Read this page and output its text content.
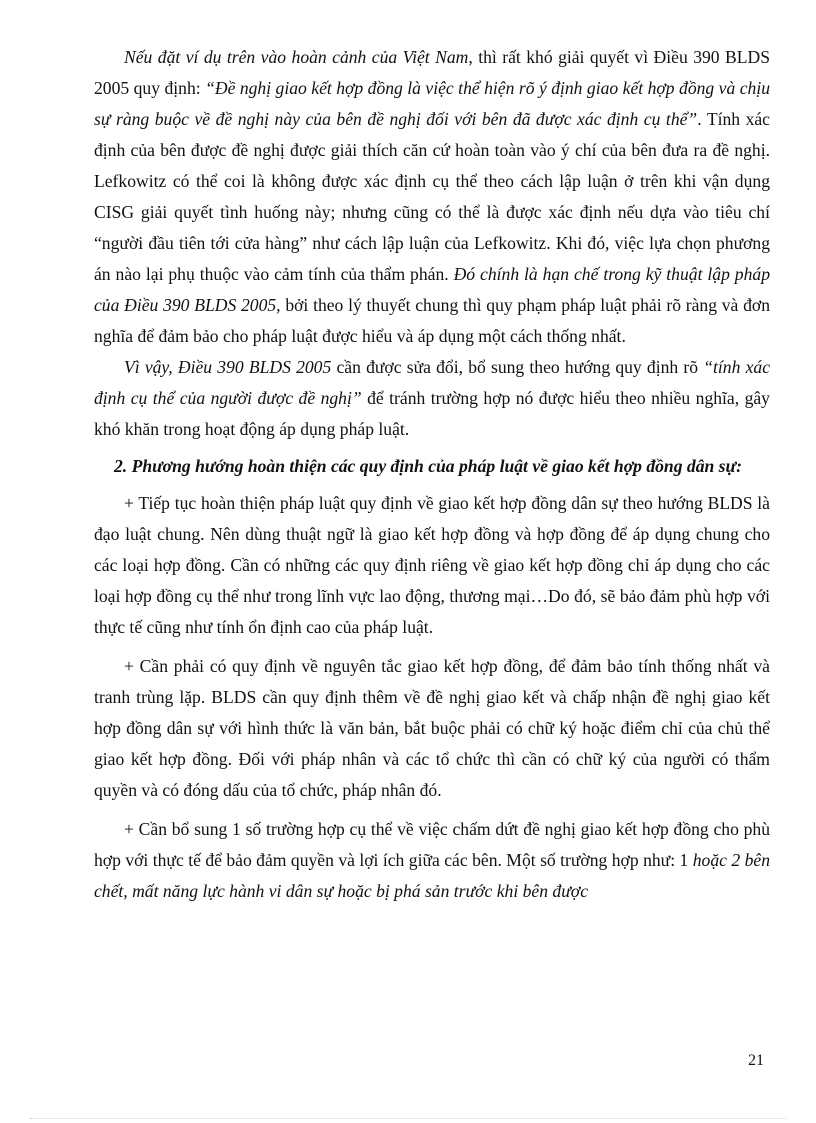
Nếu đặt ví dụ trên vào hoàn cảnh của Việt Nam, thì rất khó giải quyết vì Điều 390 BLDS 2005 quy định: “Đề nghị giao kết hợp đồng là việc thể hiện rõ ý định giao kết hợp đồng và chịu sự ràng buộc về đề nghị này của bên đề nghị đối với bên đã được xác định cụ thể”. Tính xác định của bên được đề nghị được giải thích căn cứ hoàn toàn vào ý chí của bên đưa ra đề nghị. Lefkowitz có thể coi là không được xác định cụ thể theo cách lập luận ở trên khi vận dụng CISG giải quyết tình huống này; nhưng cũng có thể là được xác định nếu dựa vào tiêu chí “người đầu tiên tới cửa hàng” như cách lập luận của Lefkowitz. Khi đó, việc lựa chọn phương án nào lại phụ thuộc vào cảm tính của thẩm phán. Đó chính là hạn chế trong kỹ thuật lập pháp của Điều 390 BLDS 2005, bởi theo lý thuyết chung thì quy phạm pháp luật phải rõ ràng và đơn nghĩa để đảm bảo cho pháp luật được hiểu và áp dụng một cách thống nhất.

Vì vậy, Điều 390 BLDS 2005 cần được sửa đổi, bổ sung theo hướng quy định rõ “tính xác định cụ thể của người được đề nghị” để tránh trường hợp nó được hiểu theo nhiều nghĩa, gây khó khăn trong hoạt động áp dụng pháp luật.

2. Phương hướng hoàn thiện các quy định của pháp luật về giao kết hợp đồng dân sự:

+ Tiếp tục hoàn thiện pháp luật quy định về giao kết hợp đồng dân sự theo hướng BLDS là đạo luật chung. Nên dùng thuật ngữ là giao kết hợp đồng và hợp đồng để áp dụng chung cho các loại hợp đồng. Cần có những các quy định riêng về giao kết hợp đồng chỉ áp dụng cho các loại hợp đồng cụ thể như trong lĩnh vực lao động, thương mại…Do đó, sẽ bảo đảm phù hợp với thực tế cũng như tính ổn định cao của pháp luật.

+ Cần phải có quy định về nguyên tắc giao kết hợp đồng, để đảm bảo tính thống nhất và tranh trùng lặp. BLDS cần quy định thêm về đề nghị giao kết và chấp nhận đề nghị giao kết hợp đồng dân sự với hình thức là văn bản, bắt buộc phải có chữ ký hoặc điểm chỉ của chủ thể giao kết hợp đồng. Đối với pháp nhân và các tổ chức thì cần có chữ ký của người có thẩm quyền và có đóng dấu của tổ chức, pháp nhân đó.

+ Cần bổ sung 1 số trường hợp cụ thể về việc chấm dứt đề nghị giao kết hợp đồng cho phù hợp với thực tế để bảo đảm quyền và lợi ích giữa các bên. Một số trường hợp như: 1 hoặc 2 bên chết, mất năng lực hành vi dân sự hoặc bị phá sản trước khi bên được

21
